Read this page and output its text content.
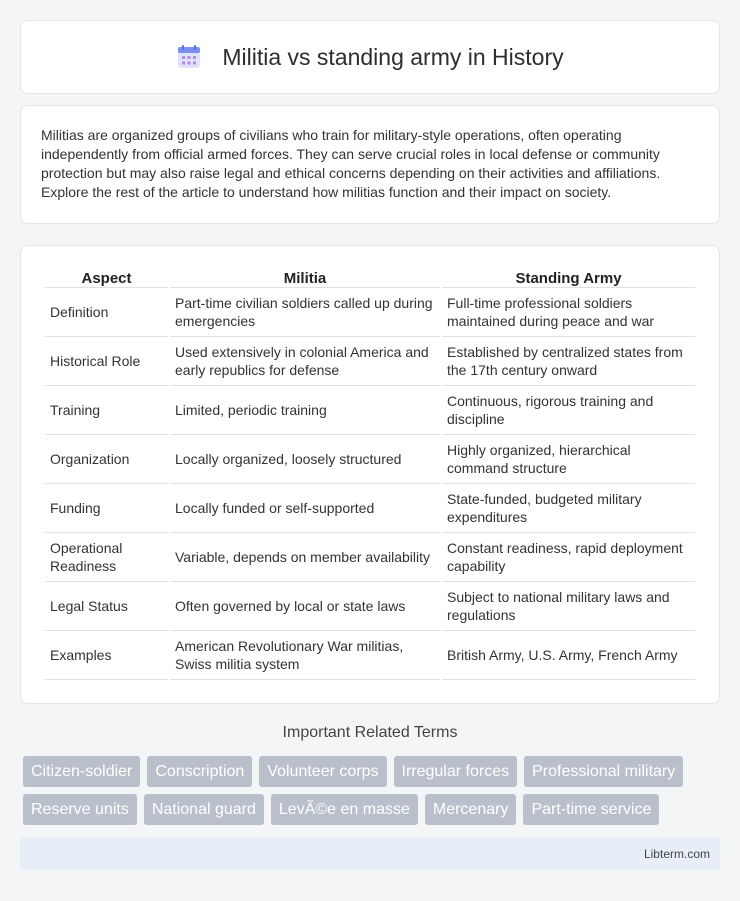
Militia vs standing army in History

Militias are organized groups of civilians who train for military-style operations, often operating independently from official armed forces. They can serve crucial roles in local defense or community protection but may also raise legal and ethical concerns depending on their activities and affiliations. Explore the rest of the article to understand how militias function and their impact on society.

Aspect	Militia	Standing Army
Definition	Part-time civilian soldiers called up during emergencies	Full-time professional soldiers maintained during peace and war
Historical Role	Used extensively in colonial America and early republics for defense	Established by centralized states from the 17th century onward
Training	Limited, periodic training	Continuous, rigorous training and discipline
Organization	Locally organized, loosely structured	Highly organized, hierarchical command structure
Funding	Locally funded or self-supported	State-funded, budgeted military expenditures
Operational Readiness	Variable, depends on member availability	Constant readiness, rapid deployment capability
Legal Status	Often governed by local or state laws	Subject to national military laws and regulations
Examples	American Revolutionary War militias, Swiss militia system	British Army, U.S. Army, French Army
Important Related Terms
Citizen-soldier	Conscription	Volunteer corps	Irregular forces	Professional military
Reserve units	National guard	LevÃ©e en masse	Mercenary	Part-time service
Libterm.com
